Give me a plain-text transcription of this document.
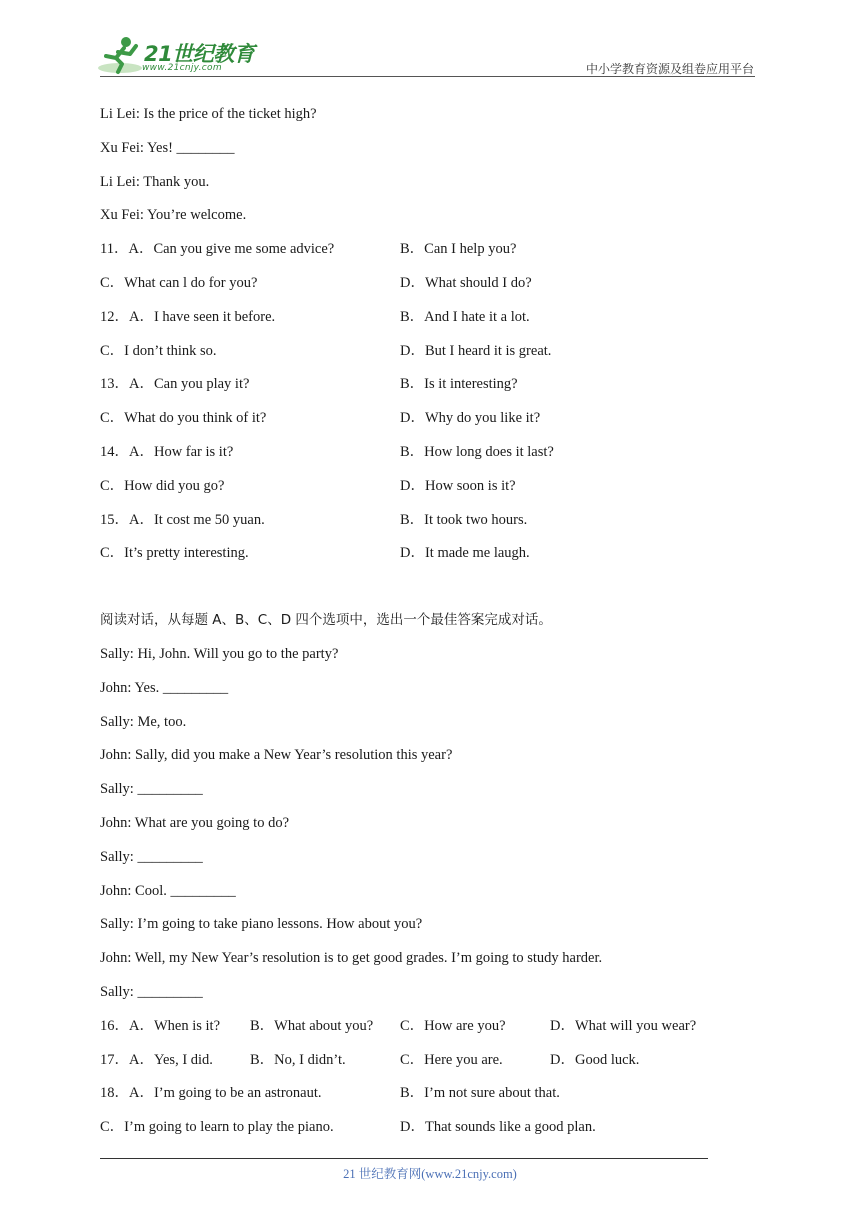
21世纪教育
www.21cnjy.com	中小学教育资源及组卷应用平台
Li Lei: Is the price of the ticket high?
Xu Fei: Yes! ________
Li Lei: Thank you.
Xu Fei: You’re welcome.
11．A．Can you give me some advice?	B．Can I help you?
C．What can l do for you?	D．What should I do?
12．A．I have seen it before.	B．And I hate it a lot.
C．I don’t think so.	D．But I heard it is great.
13．A．Can you play it?	B．Is it interesting?
C．What do you think of it?	D．Why do you like it?
14．A．How far is it?	B．How long does it last?
C．How did you go?	D．How soon is it?
15．A．It cost me 50 yuan.	B．It took two hours.
C．It’s pretty interesting.	D．It made me laugh.
阅读对话，从每题 A、B、C、D 四个选项中，选出一个最佳答案完成对话。
Sally: Hi, John. Will you go to the party?
John: Yes. _________
Sally: Me, too.
John: Sally, did you make a New Year’s resolution this year?
Sally: _________
John: What are you going to do?
Sally: _________
John: Cool. _________
Sally: I’m going to take piano lessons. How about you?
John: Well, my New Year’s resolution is to get good grades. I’m going to study harder.
Sally: _________
16．A．When is it? B．What about you? C．How are you?	D．What will you wear?
17．A．Yes, I did.	B．No, I didn’t.	C．Here you are.	D．Good luck.
18．A．I’m going to be an astronaut.	B．I’m not sure about that.
C．I’m going to learn to play the piano.	D．That sounds like a good plan.
21 世纪教育网(www.21cnjy.com)
